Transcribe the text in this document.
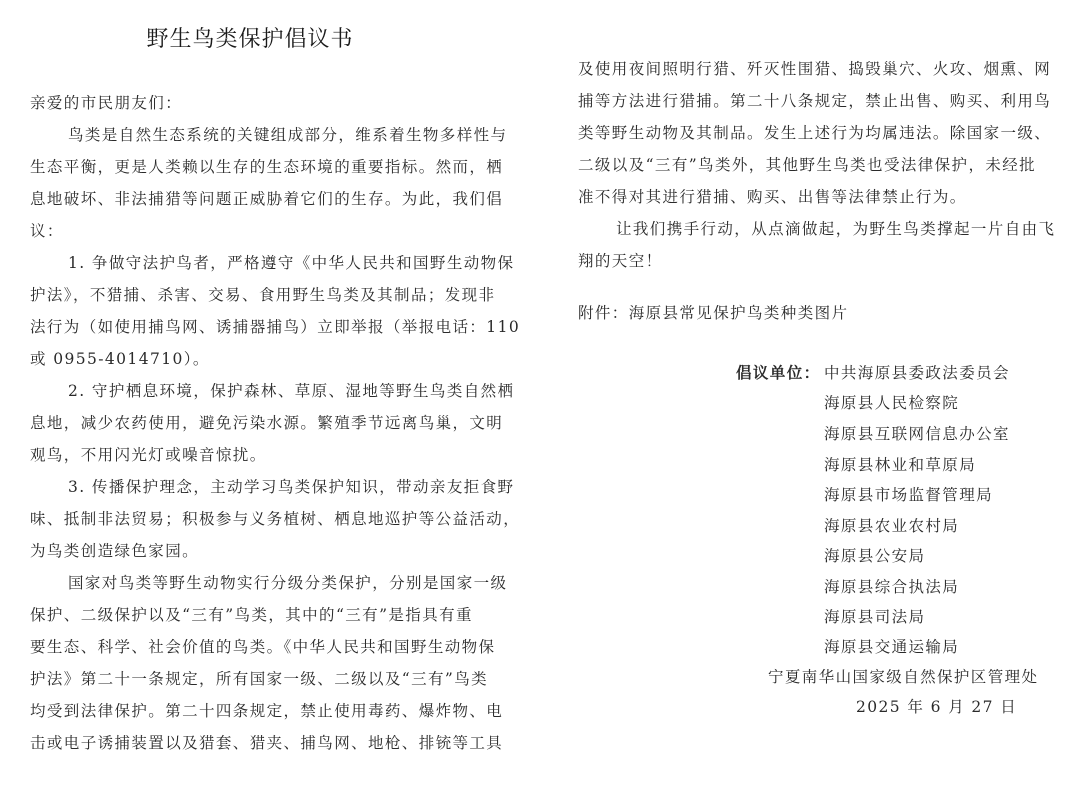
野生鸟类保护倡议书
亲爱的市民朋友们：
鸟类是自然生态系统的关键组成部分，维系着生物多样性与
生态平衡，更是人类赖以生存的生态环境的重要指标。然而，栖
息地破坏、非法捕猎等问题正威胁着它们的生存。为此，我们倡
议：
1. 争做守法护鸟者，严格遵守《中华人民共和国野生动物保
护法》，不猎捕、杀害、交易、食用野生鸟类及其制品；发现非
法行为（如使用捕鸟网、诱捕器捕鸟）立即举报（举报电话：110
或 0955-4014710）。
2. 守护栖息环境，保护森林、草原、湿地等野生鸟类自然栖
息地，减少农药使用，避免污染水源。繁殖季节远离鸟巢，文明
观鸟，不用闪光灯或噪音惊扰。
3. 传播保护理念，主动学习鸟类保护知识，带动亲友拒食野
味、抵制非法贸易；积极参与义务植树、栖息地巡护等公益活动，
为鸟类创造绿色家园。
国家对鸟类等野生动物实行分级分类保护，分别是国家一级
保护、二级保护以及“三有”鸟类，其中的“三有”是指具有重
要生态、科学、社会价值的鸟类。《中华人民共和国野生动物保
护法》第二十一条规定，所有国家一级、二级以及“三有”鸟类
均受到法律保护。第二十四条规定，禁止使用毒药、爆炸物、电
击或电子诱捕装置以及猎套、猎夹、捕鸟网、地枪、排铳等工具
及使用夜间照明行猎、歼灭性围猎、捣毁巢穴、火攻、烟熏、网
捕等方法进行猎捕。第二十八条规定，禁止出售、购买、利用鸟
类等野生动物及其制品。发生上述行为均属违法。除国家一级、
二级以及“三有”鸟类外，其他野生鸟类也受法律保护，未经批
准不得对其进行猎捕、购买、出售等法律禁止行为。
让我们携手行动，从点滴做起，为野生鸟类撑起一片自由飞
翔的天空！
附件：海原县常见保护鸟类种类图片
倡议单位： 中共海原县委政法委员会
海原县人民检察院
海原县互联网信息办公室
海原县林业和草原局
海原县市场监督管理局
海原县农业农村局
海原县公安局
海原县综合执法局
海原县司法局
海原县交通运输局
宁夏南华山国家级自然保护区管理处
2025 年 6 月 27 日
